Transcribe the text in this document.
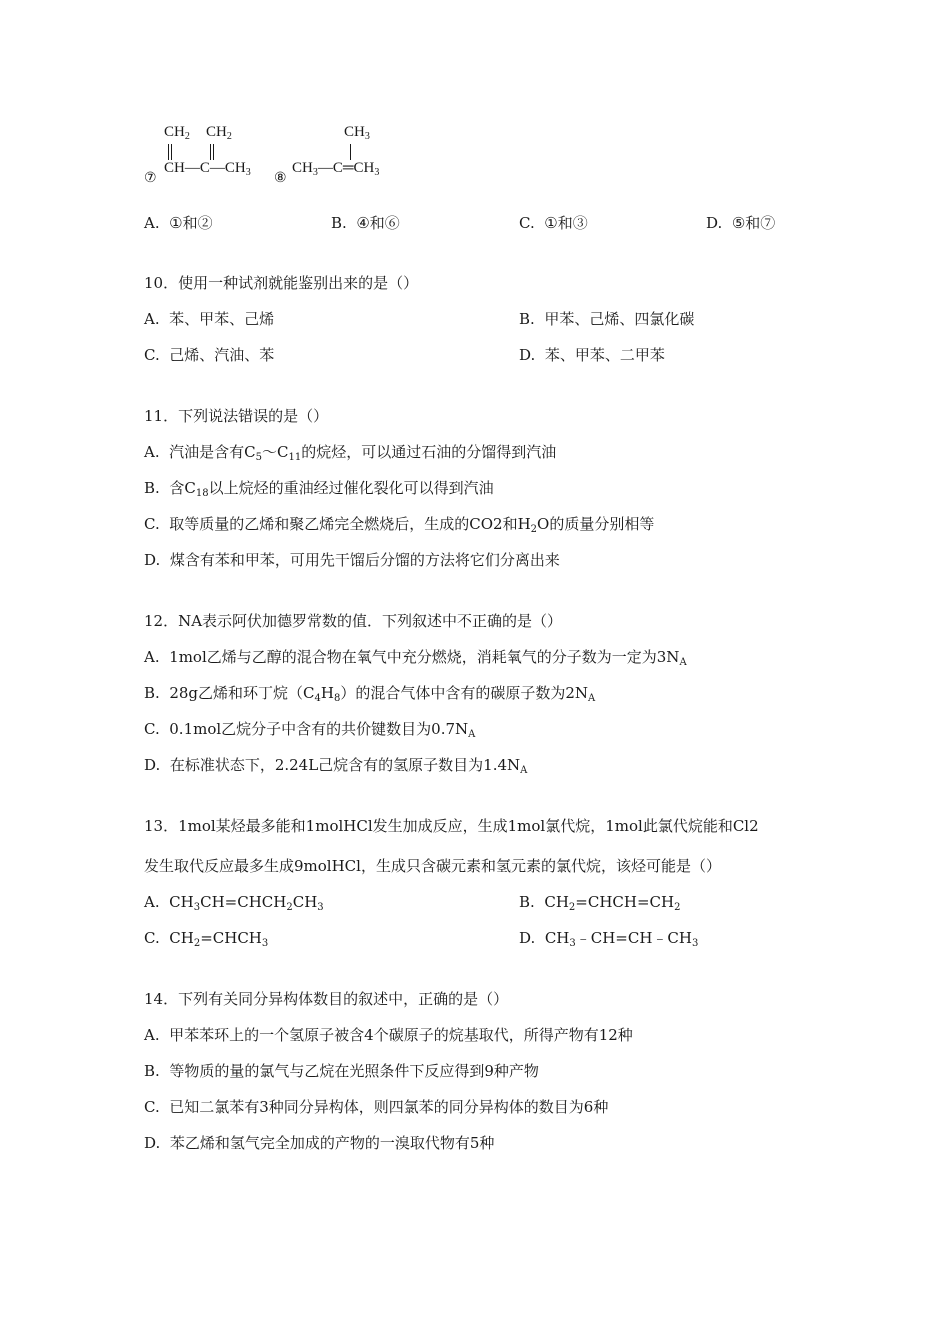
⑦
$CH_2$ $CH_2$
$CH—C—CH_3$ ⑧
$CH_3$
$CH_3—C═CH_3$
A. ①和②	B. ④和⑥	C. ①和③	D. ⑤和⑦
10．使用一种试剂就能鉴别出来的是（）
A. 苯、甲苯、己烯	B. 甲苯、己烯、四氯化碳
C. 己烯、汽油、苯	D. 苯、甲苯、二甲苯
11．下列说法错误的是（）
A. 汽油是含有$C_5\sim C_{11}$的烷烃，可以通过石油的分馏得到汽油
B. 含$C_{18}$以上烷烃的重油经过催化裂化可以得到汽油
C. 取等质量的乙烯和聚乙烯完全燃烧后，生成的CO2和$H_2O$的质量分别相等
D. 煤含有苯和甲苯，可用先干馏后分馏的方法将它们分离出来
12．NA表示阿伏加德罗常数的值．下列叙述中不正确的是（）
A. 1mol乙烯与乙醇的混合物在氧气中充分燃烧，消耗氧气的分子数为一定为$3N_A$
B. 28g乙烯和环丁烷$(C_4H_8)$的混合气体中含有的碳原子数为$2N_A$
C. 0.1mol乙烷分子中含有的共价键数目为$0.7N_A$
D. 在标准状态下，2.24L己烷含有的氢原子数目为$1.4N_A$
13．1mol某烃最多能和1molHCl发生加成反应，生成1mol氯代烷，1mol此氯代烷能和Cl2
发生取代反应最多生成9molHCl，生成只含碳元素和氢元素的氯代烷，该烃可能是（）
A. $CH_3CH=CHCH_2CH_3$	B. $CH_2=CHCH=CH_2$
C. $CH_2=CHCH_3$	D. $CH_3﹣CH=CH﹣CH_3$
14．下列有关同分异构体数目的叙述中，正确的是（）
A. 甲苯苯环上的一个氢原子被含4个碳原子的烷基取代，所得产物有12种
B. 等物质的量的氯气与乙烷在光照条件下反应得到9种产物
C. 已知二氯苯有3种同分异构体，则四氯苯的同分异构体的数目为6种
D. 苯乙烯和氢气完全加成的产物的一溴取代物有5种
